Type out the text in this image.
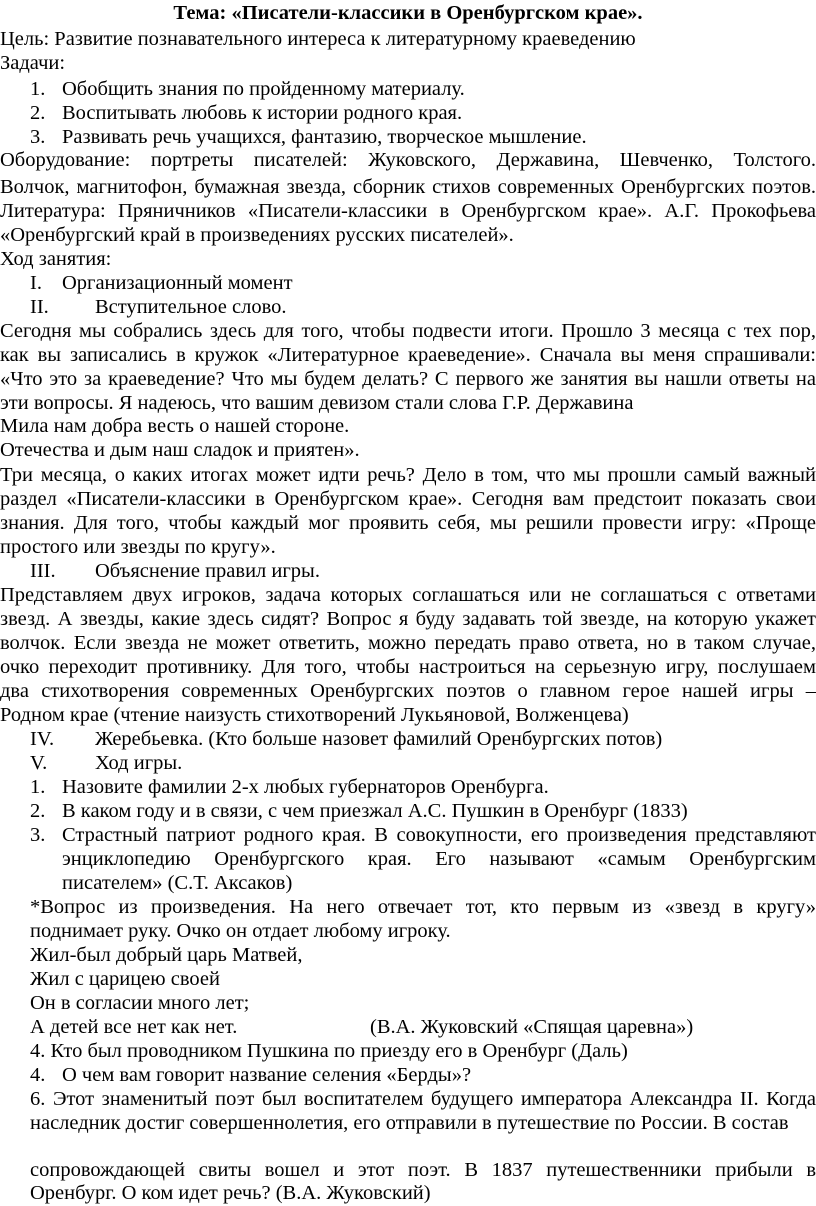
Тема: «Писатели-классики в Оренбургском крае».
Цель: Развитие познавательного интереса к литературному краеведению
Задачи:
1. Обобщить знания по пройденному материалу.
2. Воспитывать любовь к истории родного края.
3. Развивать речь учащихся, фантазию, творческое мышление.
Оборудование: портреты писателей: Жуковского, Державина, Шевченко, Толстого.
Волчок, магнитофон, бумажная звезда, сборник стихов современных Оренбургских поэтов.
Литература: Пряничников «Писатели-классики в Оренбургском крае». А.Г. Прокофьева
«Оренбургский край в произведениях русских писателей».
Ход занятия:
I. Организационный момент
II. Вступительное слово.
Сегодня мы собрались здесь для того, чтобы подвести итоги. Прошло 3 месяца с тех пор,
как вы записались в кружок «Литературное краеведение». Сначала вы меня спрашивали:
«Что это за краеведение? Что мы будем делать? С первого же занятия вы нашли ответы на
эти вопросы. Я надеюсь, что вашим девизом стали слова Г.Р. Державина
Мила нам добра весть о нашей стороне.
Отечества и дым наш сладок и приятен».
Три месяца, о каких итогах может идти речь? Дело в том, что мы прошли самый важный
раздел «Писатели-классики в Оренбургском крае». Сегодня вам предстоит показать свои
знания. Для того, чтобы каждый мог проявить себя, мы решили провести игру: «Проще
простого или звезды по кругу».
III. Объяснение правил игры.
Представляем двух игроков, задача которых соглашаться или не соглашаться с ответами
звезд. А звезды, какие здесь сидят? Вопрос я буду задавать той звезде, на которую укажет
волчок. Если звезда не может ответить, можно передать право ответа, но в таком случае,
очко переходит противнику. Для того, чтобы настроиться на серьезную игру, послушаем
два стихотворения современных Оренбургских поэтов о главном герое нашей игры –
Родном крае (чтение наизусть стихотворений Лукьяновой, Волженцева)
IV. Жеребьевка. (Кто больше назовет фамилий Оренбургских потов)
V. Ход игры.
1. Назовите фамилии 2-х любых губернаторов Оренбурга.
2. В каком году и в связи, с чем приезжал А.С. Пушкин в Оренбург (1833)
3. Страстный патриот родного края. В совокупности, его произведения представляют
энциклопедию Оренбургского края. Его называют «самым Оренбургским
писателем» (С.Т. Аксаков)
*Вопрос из произведения. На него отвечает тот, кто первым из «звезд в кругу»
поднимает руку. Очко он отдает любому игроку.
Жил-был добрый царь Матвей,
Жил с царицею своей
Он в согласии много лет;
А детей все нет как нет.	(В.А. Жуковский «Спящая царевна»)
4. Кто был проводником Пушкина по приезду его в Оренбург (Даль)
4. О чем вам говорит название селения «Берды»?
6. Этот знаменитый поэт был воспитателем будущего императора Александра II. Когда
наследник достиг совершеннолетия, его отправили в путешествие по России. В состав
сопровождающей свиты вошел и этот поэт. В 1837 путешественники прибыли в
Оренбург. О ком идет речь? (В.А. Жуковский)
